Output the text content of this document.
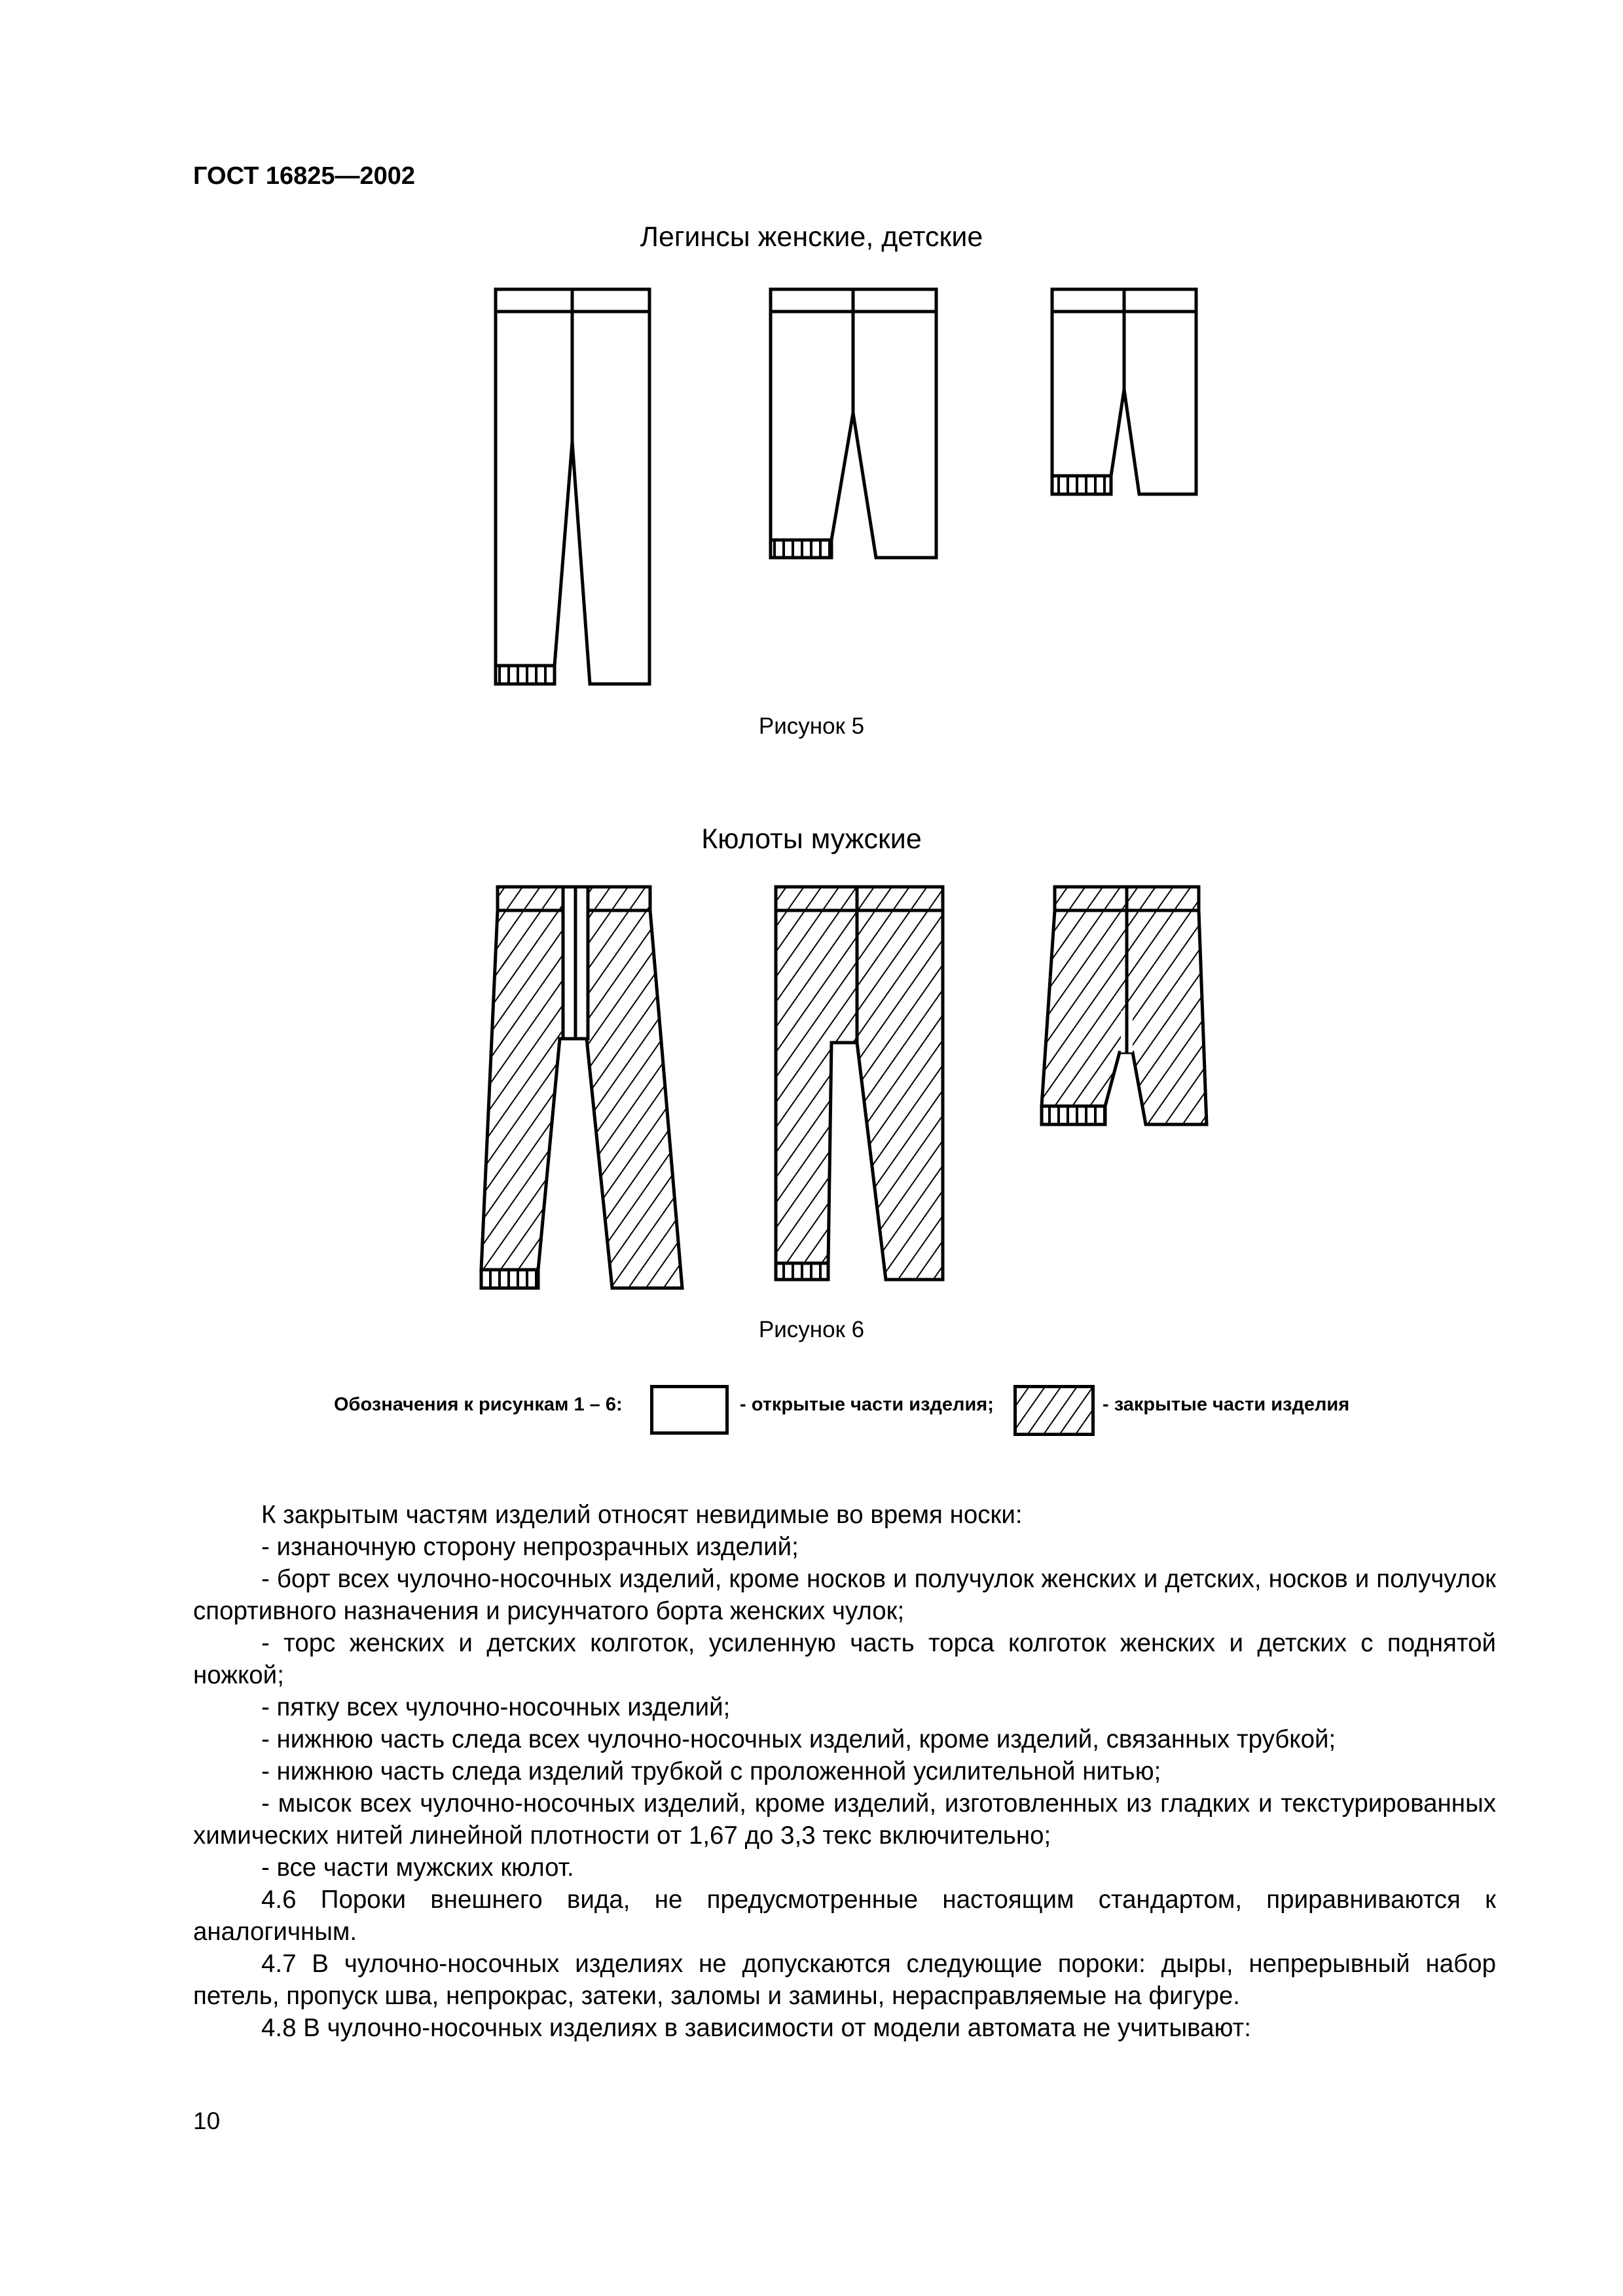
ГОСТ 16825—2002
Легинсы женские, детские
Рисунок 5
Кюлоты мужские
Рисунок 6
Обозначения к рисункам 1 – 6:	- открытые части изделия;	- закрытые части изделия

К закрытым частям изделий относят невидимые во время носки:

- изнаночную сторону непрозрачных изделий;

- борт всех чулочно-носочных изделий, кроме носков и получулок женских и детских, носков и получулок спортивного назначения и рисунчатого борта женских чулок;

- торс женских и детских колготок, усиленную часть торса колготок женских и детских с поднятой ножкой;

- пятку всех чулочно-носочных изделий;

- нижнюю часть следа всех чулочно-носочных изделий, кроме изделий, связанных трубкой;

- нижнюю часть следа изделий трубкой с проложенной усилительной нитью;

- мысок всех чулочно-носочных изделий, кроме изделий, изготовленных из гладких и текстурированных химических нитей линейной плотности от 1,67 до 3,3 текс включительно;

- все части мужских кюлот.

4.6 Пороки внешнего вида, не предусмотренные настоящим стандартом, приравниваются к аналогичным.

4.7 В чулочно-носочных изделиях не допускаются следующие пороки: дыры, непрерывный набор петель, пропуск шва, непрокрас, затеки, заломы и замины, нерасправляемые на фигуре.

4.8 В чулочно-носочных изделиях в зависимости от модели автомата не учитывают:

10
